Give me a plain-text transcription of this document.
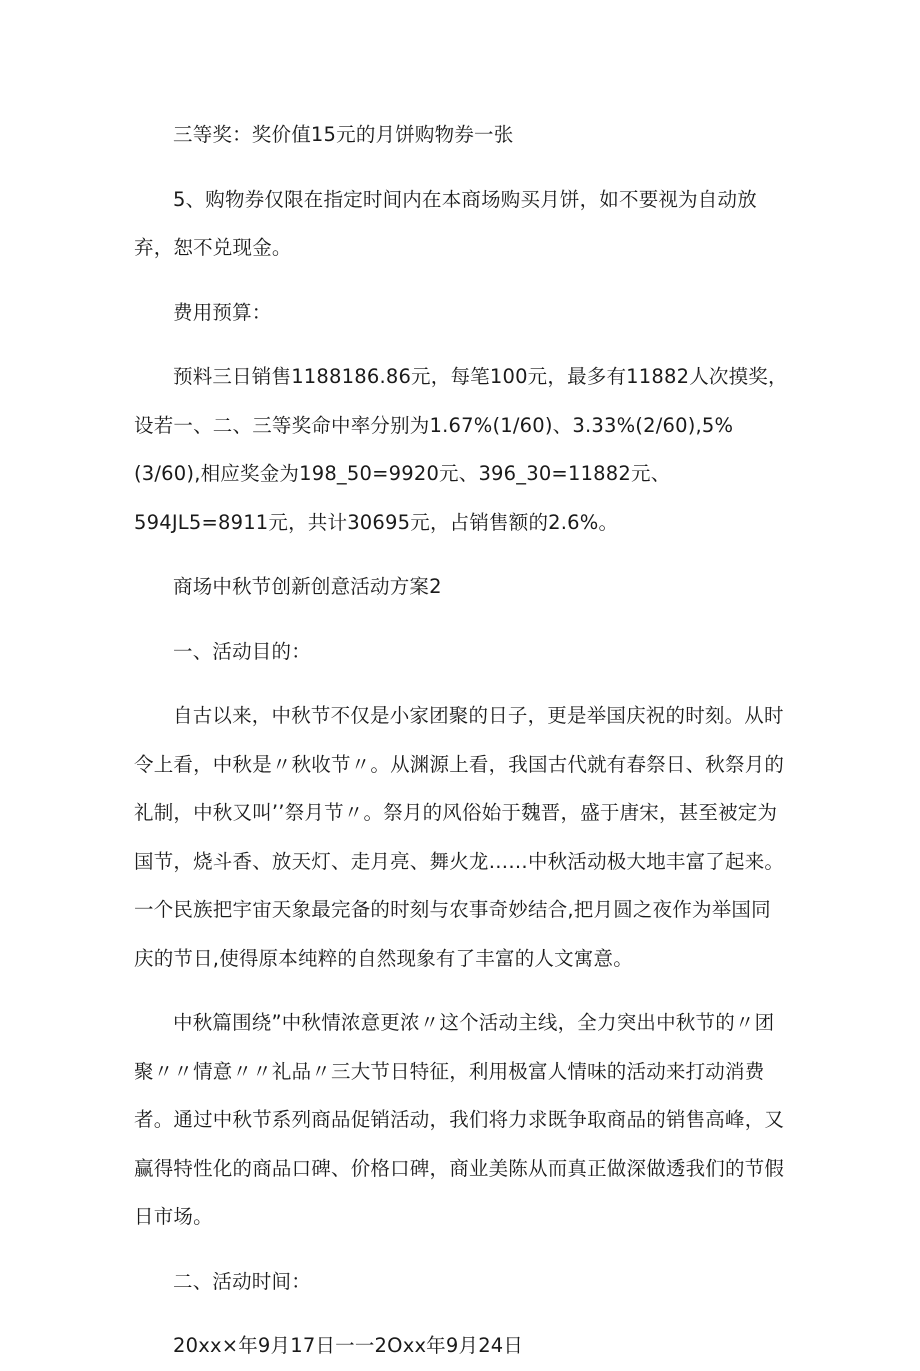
三等奖：奖价值15元的月饼购物券一张

5、购物券仅限在指定时间内在本商场购买月饼，如不要视为自动放弃，恕不兑现金。

费用预算：

预料三日销售1188186.86元，每笔100元，最多有11882人次摸奖，设若一、二、三等奖命中率分别为1.67%(1/60)、3.33%(2/60),5%(3/60),相应奖金为198_50=9920元、396_30=11882元、594JL5=8911元，共计30695元，占销售额的2.6%。

商场中秋节创新创意活动方案2

一、活动目的：

自古以来，中秋节不仅是小家团聚的日子，更是举国庆祝的时刻。从时令上看，中秋是〃秋收节〃。从渊源上看，我国古代就有春祭日、秋祭月的礼制，中秋又叫’’祭月节〃。祭月的风俗始于魏晋，盛于唐宋，甚至被定为国节，烧斗香、放天灯、走月亮、舞火龙……中秋活动极大地丰富了起来。一个民族把宇宙天象最完备的时刻与农事奇妙结合,把月圆之夜作为举国同庆的节日,使得原本纯粹的自然现象有了丰富的人文寓意。

中秋篇围绕”中秋情浓意更浓〃这个活动主线，全力突出中秋节的〃团聚〃〃情意〃〃礼品〃三大节日特征，利用极富人情味的活动来打动消费者。通过中秋节系列商品促销活动，我们将力求既争取商品的销售高峰，又赢得特性化的商品口碑、价格口碑，商业美陈从而真正做深做透我们的节假日市场。

二、活动时间：

20xx×年9月17日一一2Oxx年9月24日
